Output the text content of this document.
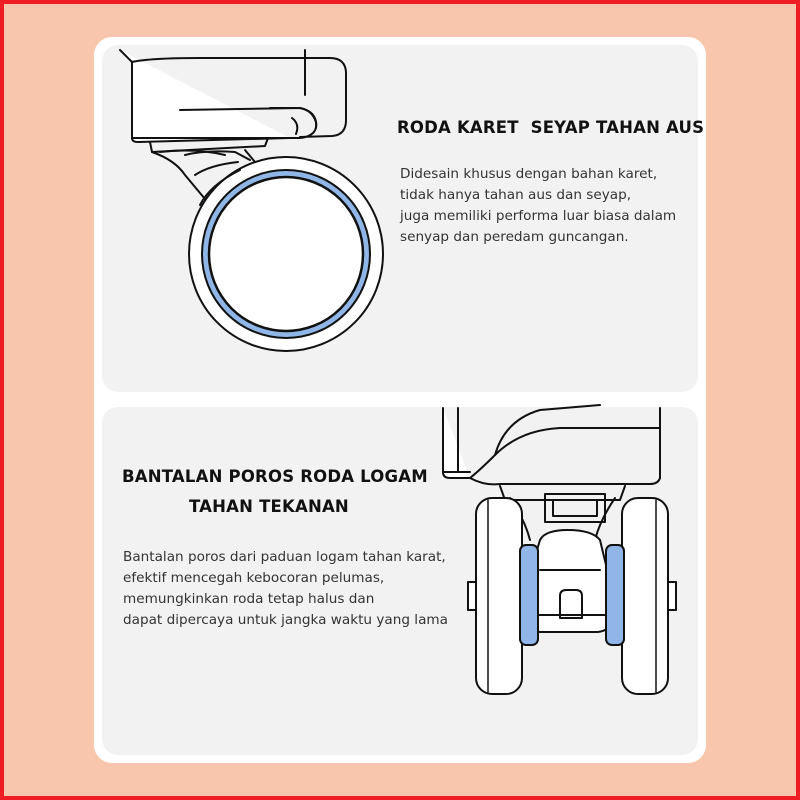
RODA KARET  SEYAP TAHAN AUS
Didesain khusus dengan bahan karet,
tidak hanya tahan aus dan seyap,
juga memiliki performa luar biasa dalam
senyap dan peredam guncangan.
BANTALAN POROS RODA LOGAM
TAHAN TEKANAN
Bantalan poros dari paduan logam tahan karat,
efektif mencegah kebocoran pelumas,
memungkinkan roda tetap halus dan
dapat dipercaya untuk jangka waktu yang lama
